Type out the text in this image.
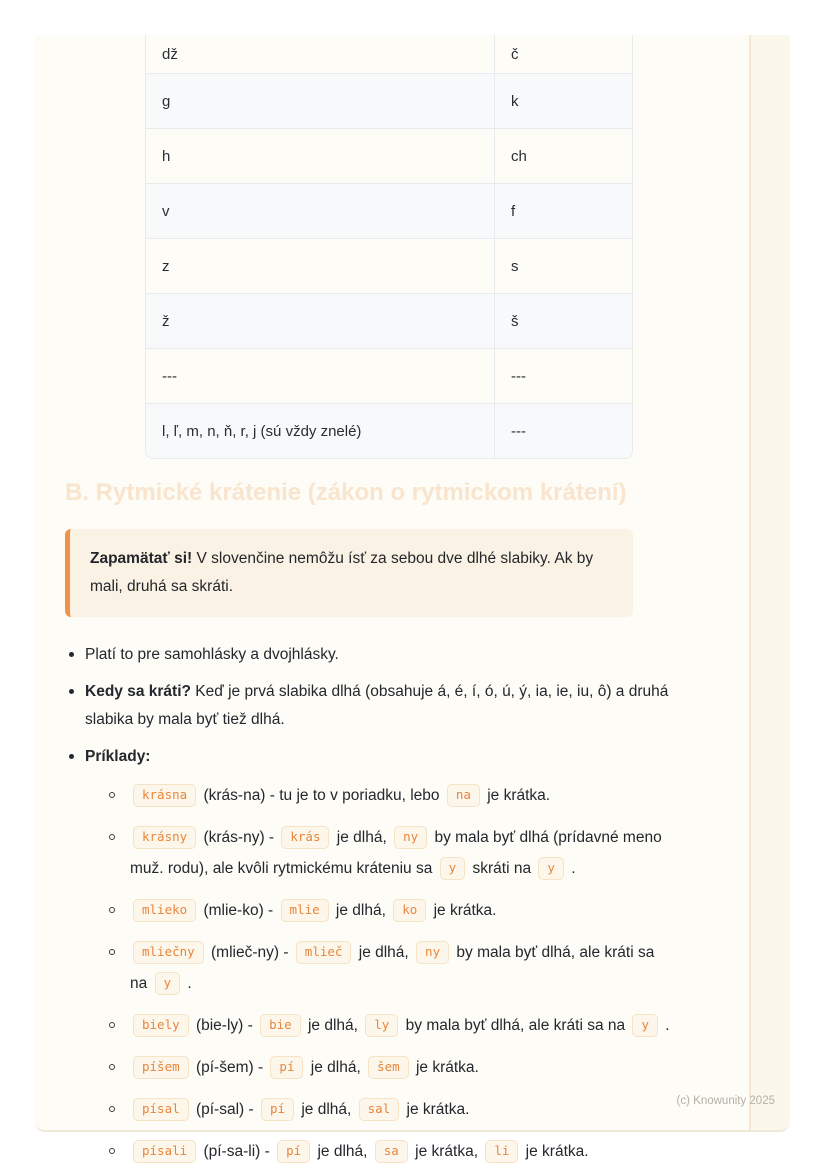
dž	č
g	k
h	ch
v	f
z	s
ž	š
---	---
l, ľ, m, n, ň, r, j (sú vždy znelé)	---
B. Rytmické krátenie (zákon o rytmickom krátení)

Zapamätať si! V slovenčine nemôžu ísť za sebou dve dlhé slabiky. Ak by mali, druhá sa skráti.

Platí to pre samohlásky a dvojhlásky.
Kedy sa kráti? Keď je prvá slabika dlhá (obsahuje á, é, í, ó, ú, ý, ia, ie, iu, ô) a druhá slabika by mala byť tiež dlhá.
Príklady:
krásna (krás-na) - tu je to v poriadku, lebo na je krátka.
krásny (krás-ny) - krás je dlhá, ny by mala byť dlhá (prídavné meno muž. rodu), ale kvôli rytmickému kráteniu sa y skráti na y .
mlieko (mlie-ko) - mlie je dlhá, ko je krátka.
mliečny (mlieč-ny) - mlieč je dlhá, ny by mala byť dlhá, ale kráti sa na y .
biely (bie-ly) - bie je dlhá, ly by mala byť dlhá, ale kráti sa na y .
píšem (pí-šem) - pí je dlhá, šem je krátka.
písal (pí-sal) - pí je dlhá, sal je krátka.
písali (pí-sa-li) - pí je dlhá, sa je krátka, li je krátka.
(c) Knowunity 2025
